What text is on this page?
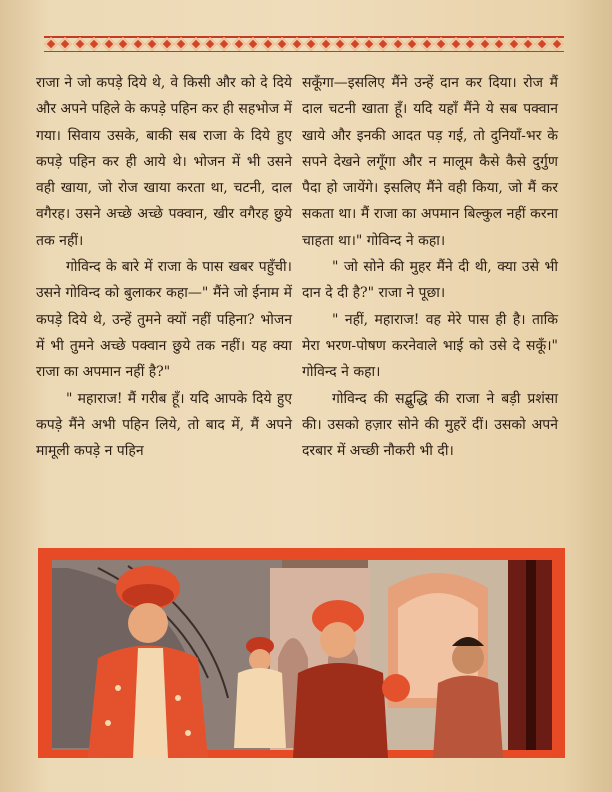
राजा ने जो कपड़े दिये थे, वे किसी और को दे दिये और अपने पहिले के कपड़े पहिन कर ही सहभोज में गया। सिवाय उसके, बाकी सब राजा के दिये हुए कपड़े पहिन कर ही आये थे। भोजन में भी उसने वही खाया, जो रोज खाया करता था, चटनी, दाल वगैरह। उसने अच्छे अच्छे पक्वान, खीर वगैरह छुये तक नहीं।

गोविन्द के बारे में राजा के पास खबर पहुँची। उसने गोविन्द को बुलाकर कहा—" मैंने जो ईनाम में कपड़े दिये थे, उन्हें तुमने क्यों नहीं पहिना? भोजन में भी तुमने अच्छे पक्वान छुये तक नहीं। यह क्या राजा का अपमान नहीं है?"

" महाराज! मैं गरीब हूँ। यदि आपके दिये हुए कपड़े मैंने अभी पहिन लिये, तो बाद में, मैं अपने मामूली कपड़े न पहिन

सकूँगा—इसलिए मैंने उन्हें दान कर दिया। रोज मैं दाल चटनी खाता हूँ। यदि यहाँ मैंने ये सब पक्वान खाये और इनकी आदत पड़ गई, तो दुनियाँ-भर के सपने देखने लगूँगा और न मालूम कैसे कैसे दुर्गुण पैदा हो जायेंगे। इसलिए मैंने वही किया, जो मैं कर सकता था। मैं राजा का अपमान बिल्कुल नहीं करना चाहता था।" गोविन्द ने कहा।

" जो सोने की मुहर मैंने दी थी, क्या उसे भी दान दे दी है?" राजा ने पूछा।

" नहीं, महाराज! वह मेरे पास ही है। ताकि मेरा भरण-पोषण करनेवाले भाई को उसे दे सकूँ।" गोविन्द ने कहा।

गोविन्द की सद्बुद्धि की राजा ने बड़ी प्रशंसा की। उसको हज़ार सोने की मुहरें दीं। उसको अपने दरबार में अच्छी नौकरी भी दी।
